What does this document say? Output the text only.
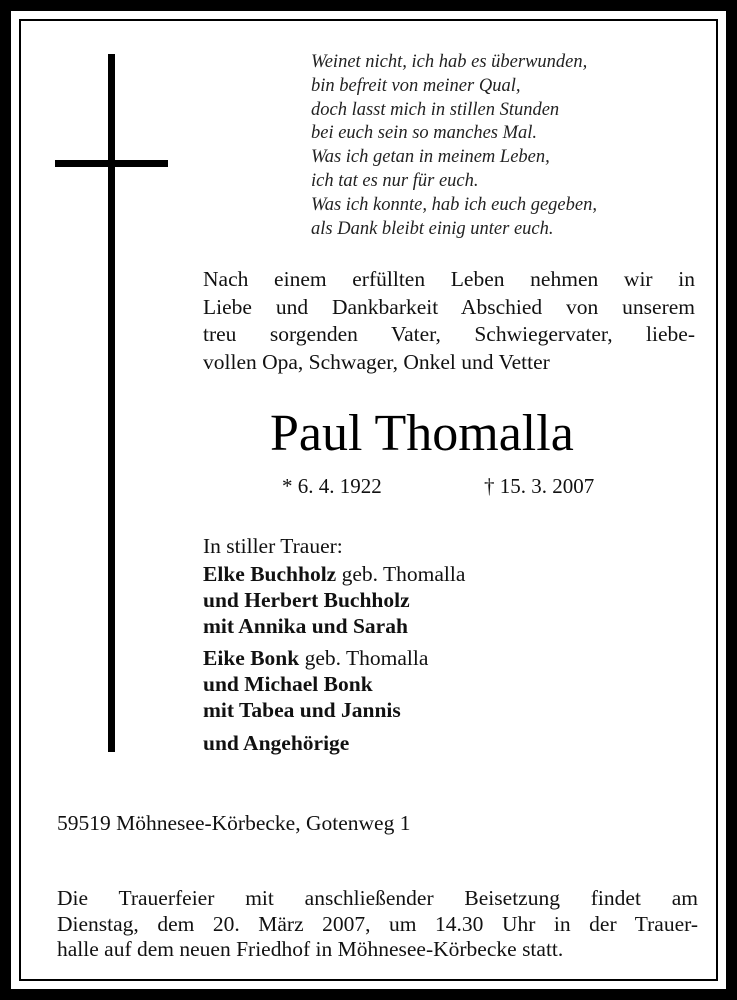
Weinet nicht, ich hab es überwunden,
bin befreit von meiner Qual,
doch lasst mich in stillen Stunden
bei euch sein so manches Mal.
Was ich getan in meinem Leben,
ich tat es nur für euch.
Was ich konnte, hab ich euch gegeben,
als Dank bleibt einig unter euch.
Nach einem erfüllten Leben nehmen wir in
Liebe und Dankbarkeit Abschied von unserem
treu sorgenden Vater, Schwiegervater, liebe-
vollen Opa, Schwager, Onkel und Vetter
Paul Thomalla
* 6. 4. 1922	† 15. 3. 2007
In stiller Trauer:
Elke Buchholz geb. Thomalla
und Herbert Buchholz
mit Annika und Sarah
Eike Bonk geb. Thomalla
und Michael Bonk
mit Tabea und Jannis
und Angehörige
59519 Möhnesee-Körbecke, Gotenweg 1
Die Trauerfeier mit anschließender Beisetzung findet am
Dienstag, dem 20. März 2007, um 14.30 Uhr in der Trauer-
halle auf dem neuen Friedhof in Möhnesee-Körbecke statt.
